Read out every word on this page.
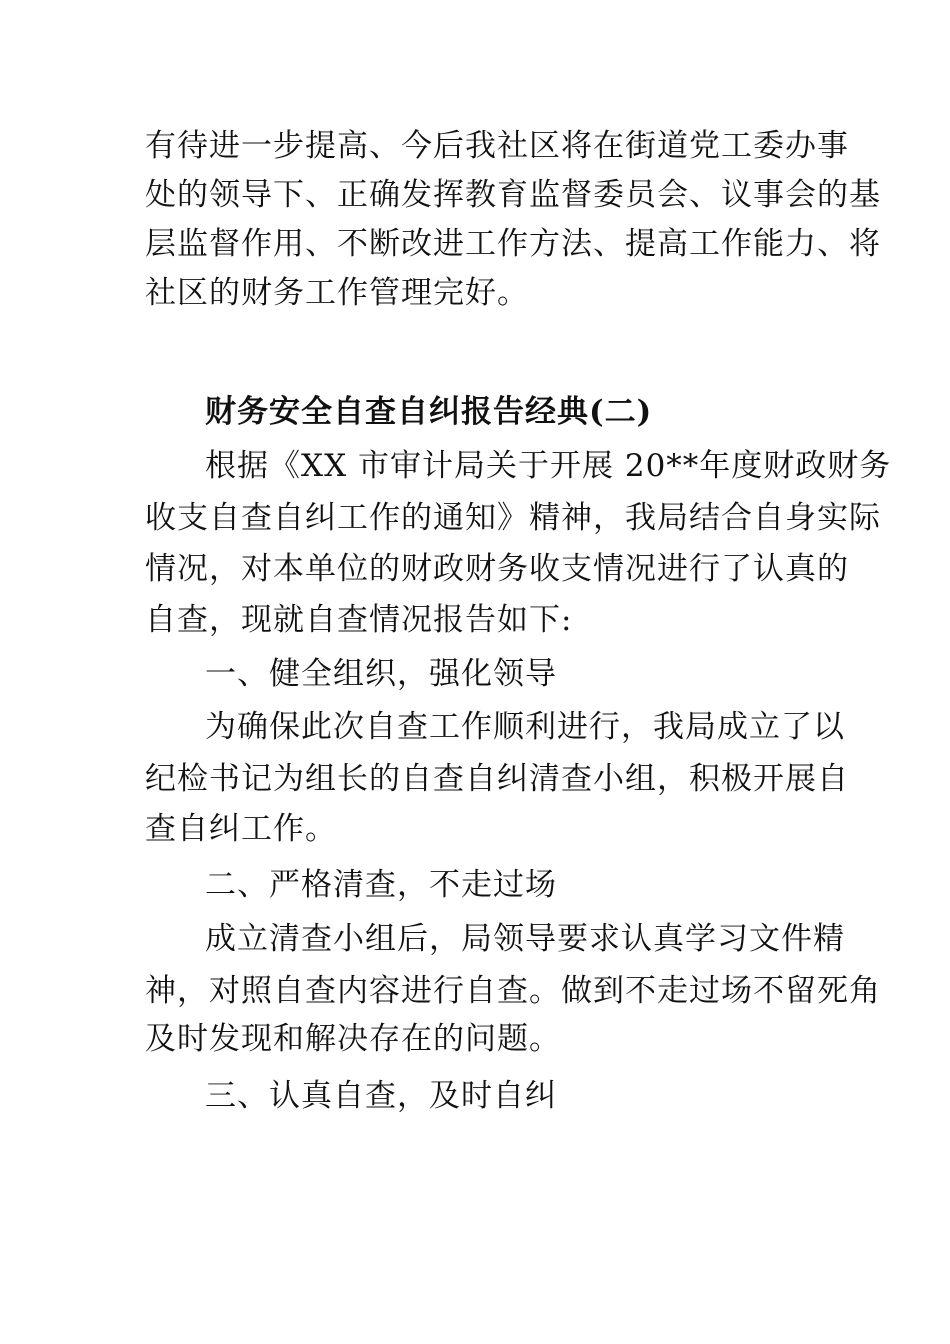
有待进一步提高、今后我社区将在街道党工委办事
处的领导下、正确发挥教育监督委员会、议事会的基
层监督作用、不断改进工作方法、提高工作能力、将
社区的财务工作管理完好。
财务安全自查自纠报告经典(二)
根据《XX 市审计局关于开展 20**年度财政财务
收支自查自纠工作的通知》精神，我局结合自身实际
情况，对本单位的财政财务收支情况进行了认真的
自查，现就自查情况报告如下:
一、健全组织，强化领导
为确保此次自查工作顺利进行，我局成立了以
纪检书记为组长的自查自纠清查小组，积极开展自
查自纠工作。
二、严格清查，不走过场
成立清查小组后，局领导要求认真学习文件精
神，对照自查内容进行自查。做到不走过场不留死角
及时发现和解决存在的问题。
三、认真自查，及时自纠
